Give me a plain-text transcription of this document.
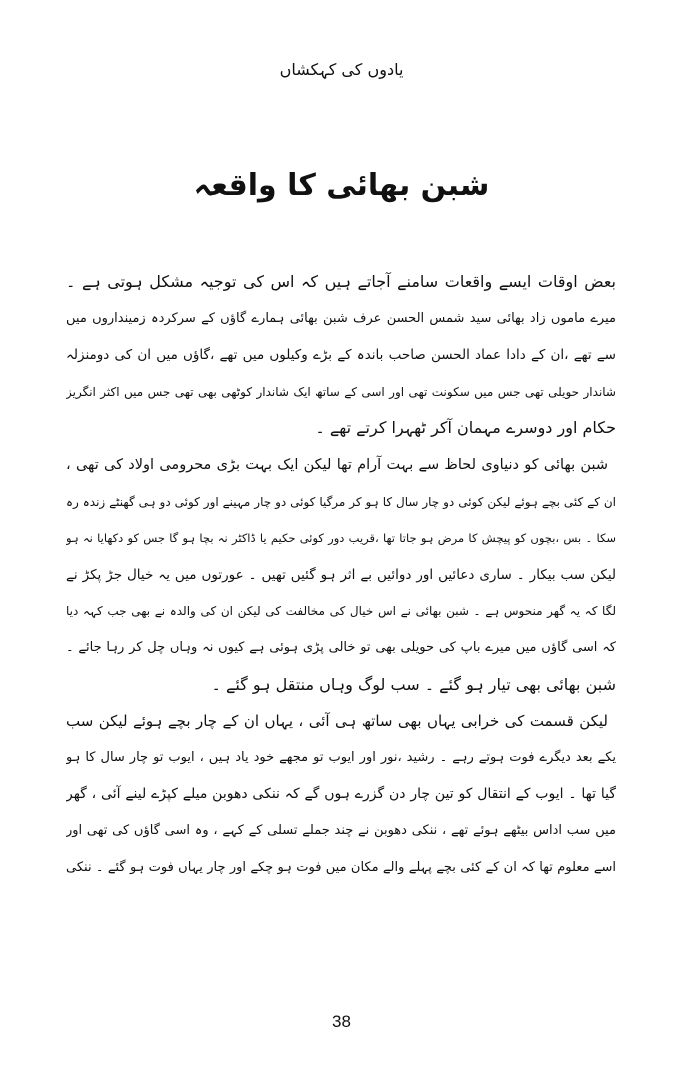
یادوں کی کہکشاں
شبن بھائی کا واقعہ
بعض اوقات ایسے واقعات سامنے آجاتے ہیں کہ اس کی توجیہ مشکل ہوتی ہے ۔
میرے ماموں زاد بھائی سید شمس الحسن عرف شبن بھائی ہمارے گاؤں کے سرکردہ زمینداروں میں
سے تھے ،ان کے دادا عماد الحسن صاحب باندہ کے بڑے وکیلوں میں تھے ،گاؤں میں ان کی دومنزلہ
شاندار حویلی تھی جس میں سکونت تھی اور اسی کے ساتھ ایک شاندار کوٹھی بھی تھی جس میں اکثر انگریز
حکام اور دوسرے مہمان آکر ٹھہرا کرتے تھے ۔
شبن بھائی کو دنیاوی لحاظ سے بہت آرام تھا لیکن ایک بہت بڑی محرومی اولاد کی تھی ،
ان کے کئی بچے ہوئے لیکن کوئی دو چار سال کا ہو کر مرگیا کوئی دو چار مہینے اور کوئی دو ہی گھنٹے زندہ رہ
سکا ۔ بس ،بچوں کو پیچش کا مرض ہو جاتا تھا ،قریب دور کوئی حکیم یا ڈاکٹر نہ بچا ہو گا جس کو دکھایا نہ ہو
لیکن سب بیکار ۔ ساری دعائیں اور دوائیں بے اثر ہو گئیں تھیں ۔ عورتوں میں یہ خیال جڑ پکڑ نے
لگا کہ یہ گھر منحوس ہے ۔ شبن بھائی نے اس خیال کی مخالفت کی لیکن ان کی والدہ نے بھی جب کہہ دیا
کہ اسی گاؤں میں میرے باپ کی حویلی بھی تو خالی پڑی ہوئی ہے کیوں نہ وہاں چل کر رہا جائے ۔
شبن بھائی بھی تیار ہو گئے ۔ سب لوگ وہاں منتقل ہو گئے ۔
لیکن قسمت کی خرابی یہاں بھی ساتھ ہی آئی ، یہاں ان کے چار بچے ہوئے لیکن سب
یکے بعد دیگرے فوت ہوتے رہے ۔ رشید ،نور اور ایوب تو مجھے خود یاد ہیں ، ایوب تو چار سال کا ہو
گیا تھا ۔ ایوب کے انتقال کو تین چار دن گزرے ہوں گے کہ ننکی دھوبن میلے کپڑے لینے آئی ، گھر
میں سب اداس بیٹھے ہوئے تھے ، ننکی دھوبن نے چند جملے تسلی کے کہے ، وہ اسی گاؤں کی تھی اور
اسے معلوم تھا کہ ان کے کئی بچے پہلے والے مکان میں فوت ہو چکے اور چار یہاں فوت ہو گئے ۔ ننکی
38
